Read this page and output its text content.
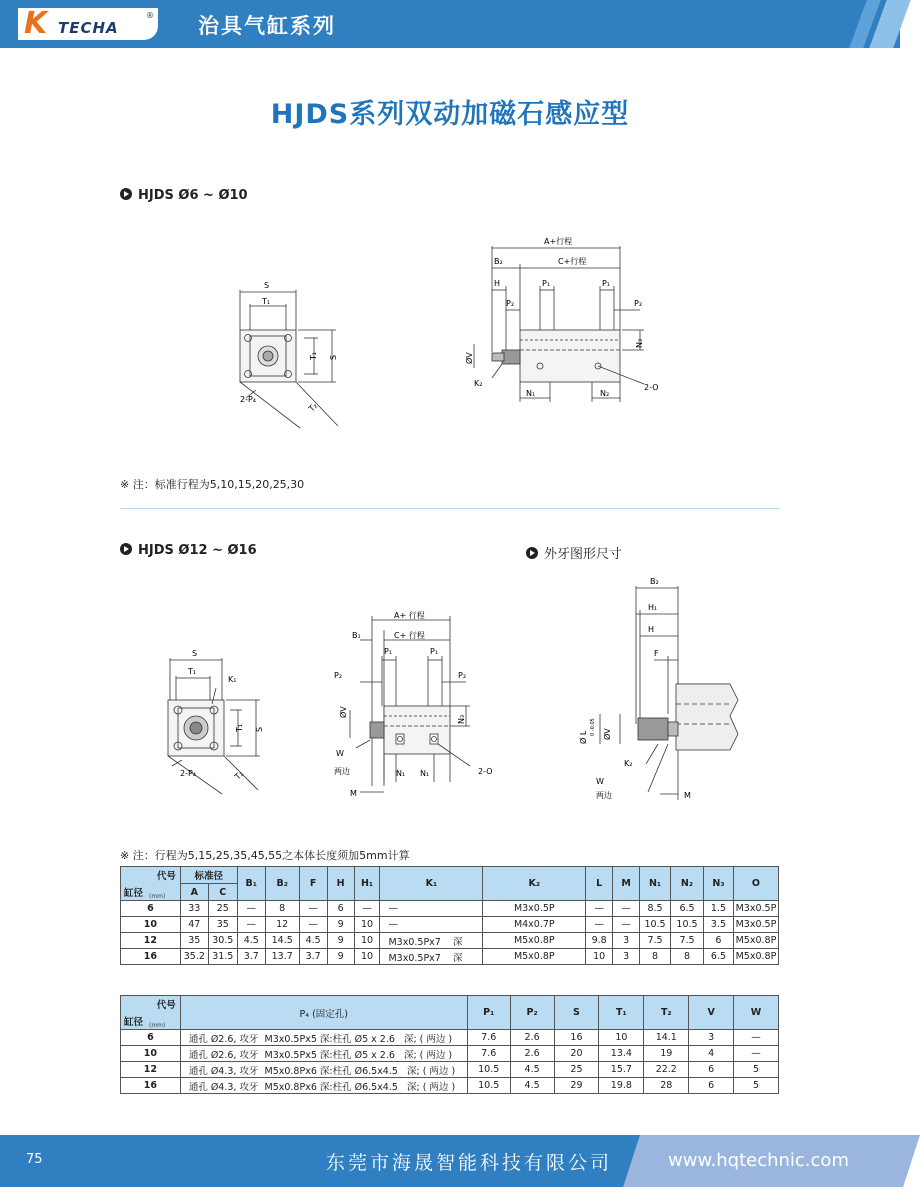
K TECHA
® 治具气缸系列
HJDS系列双动加磁石感应型
HJDS Ø6 ~ Ø10
S
T₁
T₁ S
2-P₄
T₂
A+行程
B₂	C+行程
H	P₁	P₁
P₂	P₂
N₃
ØV
K₂
N₁	N₂
2-O
※ 注：标准行程为5,10,15,20,25,30
HJDS Ø12 ~ Ø16	外牙图形尺寸
S
T₁
K₁
T₁ S
2-P₄	T₂
A+ 行程
B₁	C+ 行程
P₁	P₁
P₂	P₂
N₃
ØV
W
两边	N₁ N₁	2-O
M
B₂
H₁
H
F
Ø L
0 -0.05 ØV
K₂
W
两边	M
※ 注：行程为5,15,25,35,45,55之本体长度须加5mm计算
代号
缸径 (mm)	标准径		B₁	B₂	F	H	H₁	K₁	K₂	L	M	N₁	N₂	N₃	O
	A	C													
6	33	25	—	8	—	6	—	—	M3x0.5P	—	—	8.5	6.5	1.5	M3x0.5P
10	47	35	—	12	—	9	10	—	M4x0.7P	—	—	10.5	10.5	3.5	M3x0.5P
12	35	30.5	4.5	14.5	4.5	9	10	M3x0.5Px7    深	M5x0.8P	9.8	3	7.5	7.5	6	M5x0.8P
16	35.2	31.5	3.7	13.7	3.7	9	10	M3x0.5Px7    深	M5x0.8P	10	3	8	8	6.5	M5x0.8P
代号
缸径 (mm)	P₄ (固定孔)	P₁	P₂	S	T₁	T₂	V	W
6	通孔 Ø2.6, 攻牙  M3x0.5Px5 深:柱孔 Ø5 x 2.6   深; ( 两边 )	7.6	2.6	16	10	14.1	3	—
10	通孔 Ø2.6, 攻牙  M3x0.5Px5 深:柱孔 Ø5 x 2.6   深; ( 两边 )	7.6	2.6	20	13.4	19	4	—
12	通孔 Ø4.3, 攻牙  M5x0.8Px6 深:柱孔 Ø6.5x4.5   深; ( 两边 )	10.5	4.5	25	15.7	22.2	6	5
16	通孔 Ø4.3, 攻牙  M5x0.8Px6 深:柱孔 Ø6.5x4.5   深; ( 两边 )	10.5	4.5	29	19.8	28	6	5
75	东莞市海晟智能科技有限公司	www.hqtechnic.com
